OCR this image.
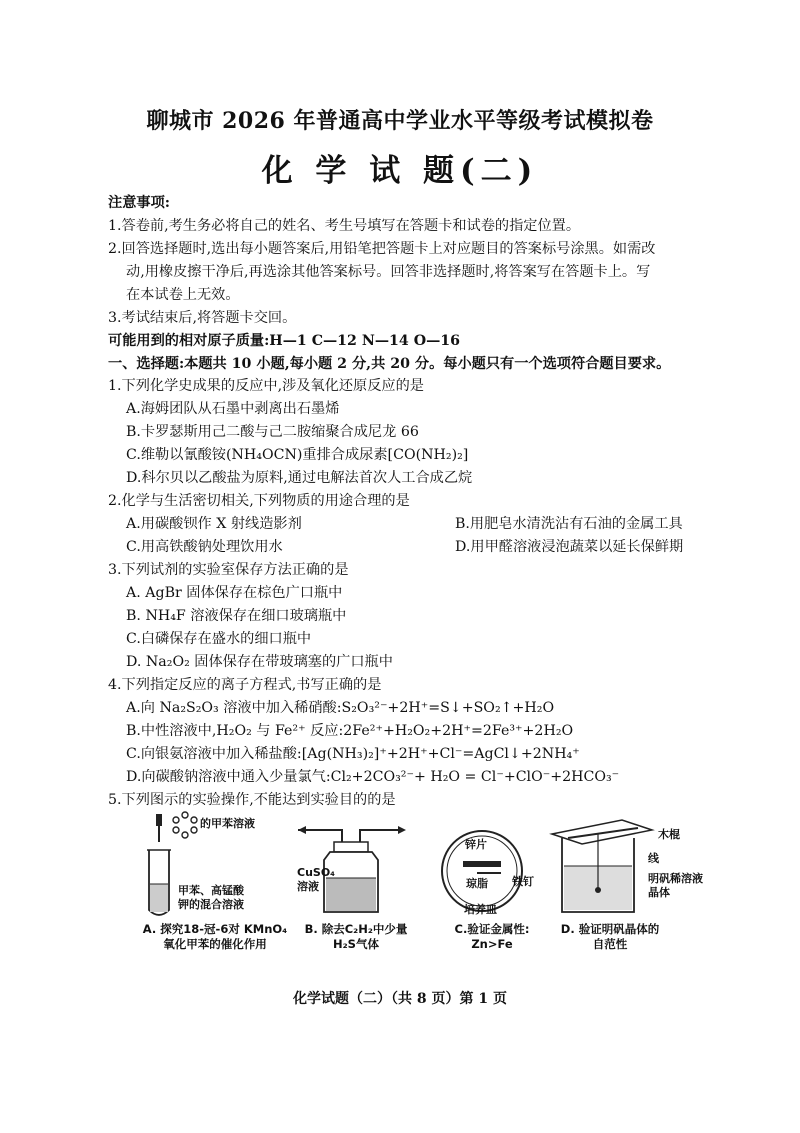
聊城市 2026 年普通高中学业水平等级考试模拟卷
化 学 试 题(二)
注意事项:
1.答卷前,考生务必将自己的姓名、考生号填写在答题卡和试卷的指定位置。
2.回答选择题时,选出每小题答案后,用铅笔把答题卡上对应题目的答案标号涂黑。如需改
动,用橡皮擦干净后,再选涂其他答案标号。回答非选择题时,将答案写在答题卡上。写
在本试卷上无效。
3.考试结束后,将答题卡交回。
可能用到的相对原子质量:H—1 C—12 N—14 O—16
一、选择题:本题共 10 小题,每小题 2 分,共 20 分。每小题只有一个选项符合题目要求。
1.下列化学史成果的反应中,涉及氧化还原反应的是
A.海姆团队从石墨中剥离出石墨烯
B.卡罗瑟斯用己二酸与己二胺缩聚合成尼龙 66
C.维勒以氰酸铵(NH₄OCN)重排合成尿素[CO(NH₂)₂]
D.科尔贝以乙酸盐为原料,通过电解法首次人工合成乙烷
2.化学与生活密切相关,下列物质的用途合理的是
A.用碳酸钡作 X 射线造影剂	B.用肥皂水清洗沾有石油的金属工具
C.用高铁酸钠处理饮用水	D.用甲醛溶液浸泡蔬菜以延长保鲜期
3.下列试剂的实验室保存方法正确的是
A. AgBr 固体保存在棕色广口瓶中
B. NH₄F 溶液保存在细口玻璃瓶中
C.白磷保存在盛水的细口瓶中
D. Na₂O₂ 固体保存在带玻璃塞的广口瓶中
4.下列指定反应的离子方程式,书写正确的是
A.向 Na₂S₂O₃ 溶液中加入稀硝酸:S₂O₃²⁻+2H⁺=S↓+SO₂↑+H₂O
B.中性溶液中,H₂O₂ 与 Fe²⁺ 反应:2Fe²⁺+H₂O₂+2H⁺=2Fe³⁺+2H₂O
C.向银氨溶液中加入稀盐酸:[Ag(NH₃)₂]⁺+2H⁺+Cl⁻=AgCl↓+2NH₄⁺
D.向碳酸钠溶液中通入少量氯气:Cl₂+2CO₃²⁻+ H₂O = Cl⁻+ClO⁻+2HCO₃⁻
5.下列图示的实验操作,不能达到实验目的的是
的甲苯溶液
甲苯、高锰酸
钾的混合溶液
A. 探究18-冠-6对 KMnO₄
氧化甲苯的催化作用
CuSO₄
溶液
B. 除去C₂H₂中少量
H₂S气体
锌片
琼脂 铁钉
培养皿
C.验证金属性: Zn>Fe
木棍
线
明矾稀溶液
晶体
D. 验证明矾晶体的
自范性
化学试题（二）（共 8 页）第 1 页
